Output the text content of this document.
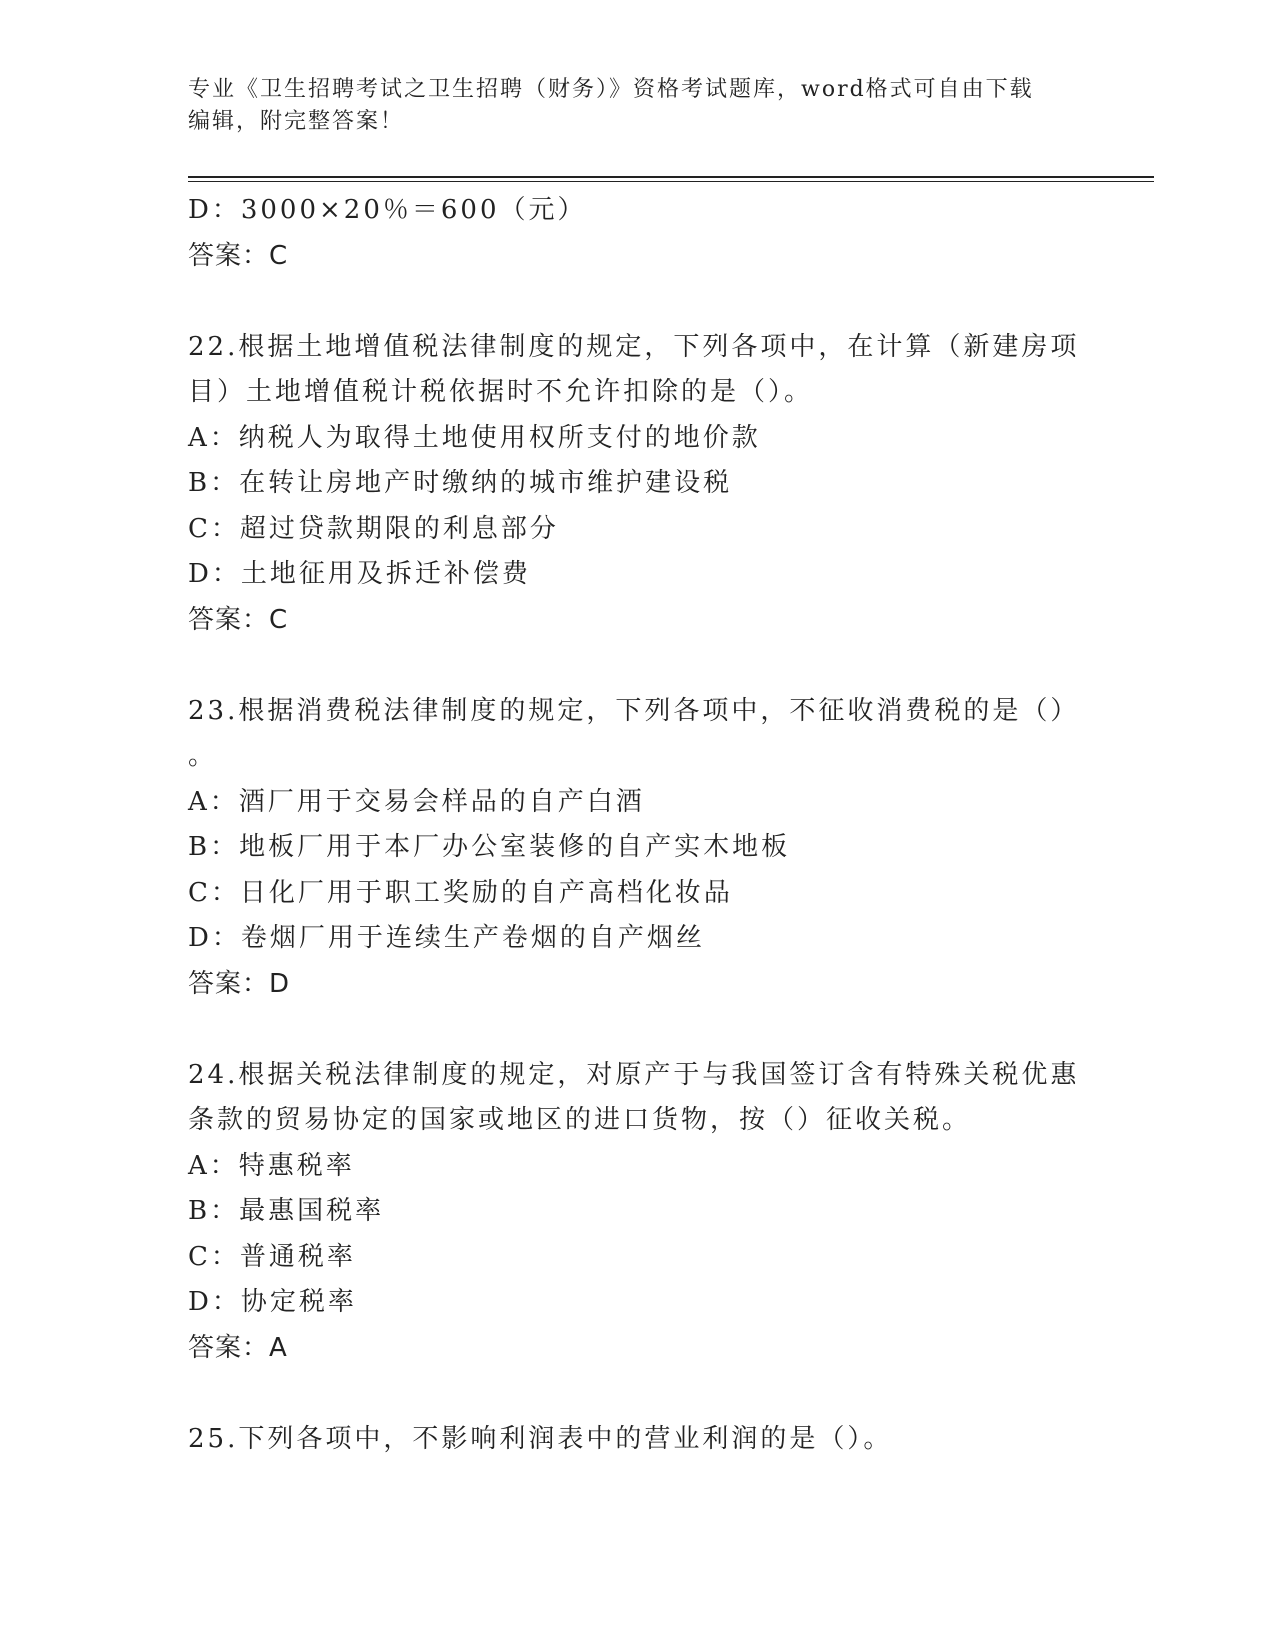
专业《卫生招聘考试之卫生招聘（财务）》资格考试题库，word格式可自由下载
编辑，附完整答案！
D：3000×20％＝600（元）
答案：C
22.根据土地增值税法律制度的规定，下列各项中，在计算（新建房项
目）土地增值税计税依据时不允许扣除的是（）。
A：纳税人为取得土地使用权所支付的地价款
B：在转让房地产时缴纳的城市维护建设税
C：超过贷款期限的利息部分
D：土地征用及拆迁补偿费
答案：C
23.根据消费税法律制度的规定，下列各项中，不征收消费税的是（）
。
A：酒厂用于交易会样品的自产白酒
B：地板厂用于本厂办公室装修的自产实木地板
C：日化厂用于职工奖励的自产高档化妆品
D：卷烟厂用于连续生产卷烟的自产烟丝
答案：D
24.根据关税法律制度的规定，对原产于与我国签订含有特殊关税优惠
条款的贸易协定的国家或地区的进口货物，按（）征收关税。
A：特惠税率
B：最惠国税率
C：普通税率
D：协定税率
答案：A
25.下列各项中，不影响利润表中的营业利润的是（）。
